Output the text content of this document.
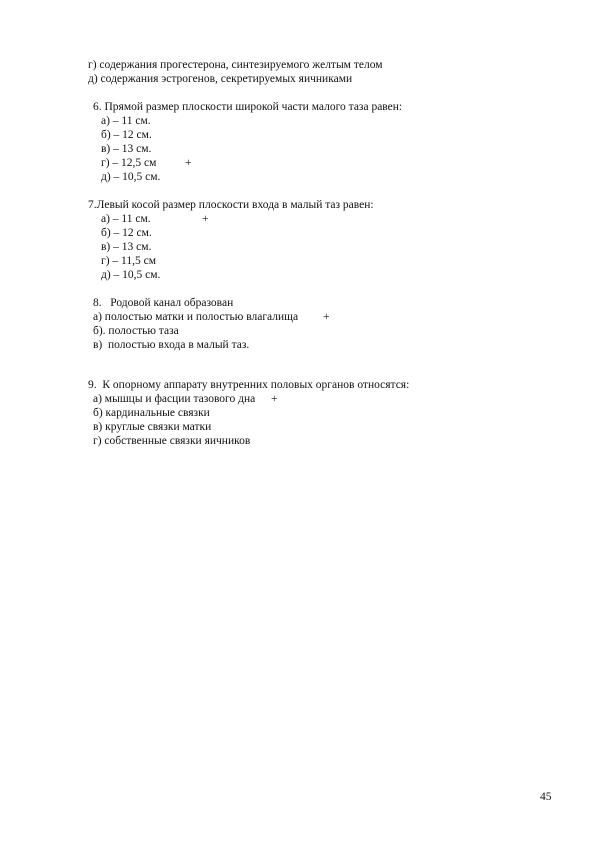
г) содержания прогестерона, синтезируемого желтым телом
д) содержания эстрогенов, секретируемых яичниками
6. Прямой размер плоскости широкой части малого таза равен:
а) – 11 см.
б) – 12 см.
в) – 13 см.
г) – 12,5 см +
д) – 10,5 см.
7.Левый косой размер плоскости входа в малый таз равен:
а) – 11 см.	+
б) – 12 см.
в) – 13 см.
г) – 11,5 см
д) – 10,5 см.
8.   Родовой канал образован
а) полостью матки и полостью влагалища +
б). полостью таза
в)  полостью входа в малый таз.
9.  К опорному аппарату внутренних половых органов относятся:
а) мышцы и фасции тазового дна +
б) кардинальные связки
в) круглые связки матки
г) собственные связки яичников
45
